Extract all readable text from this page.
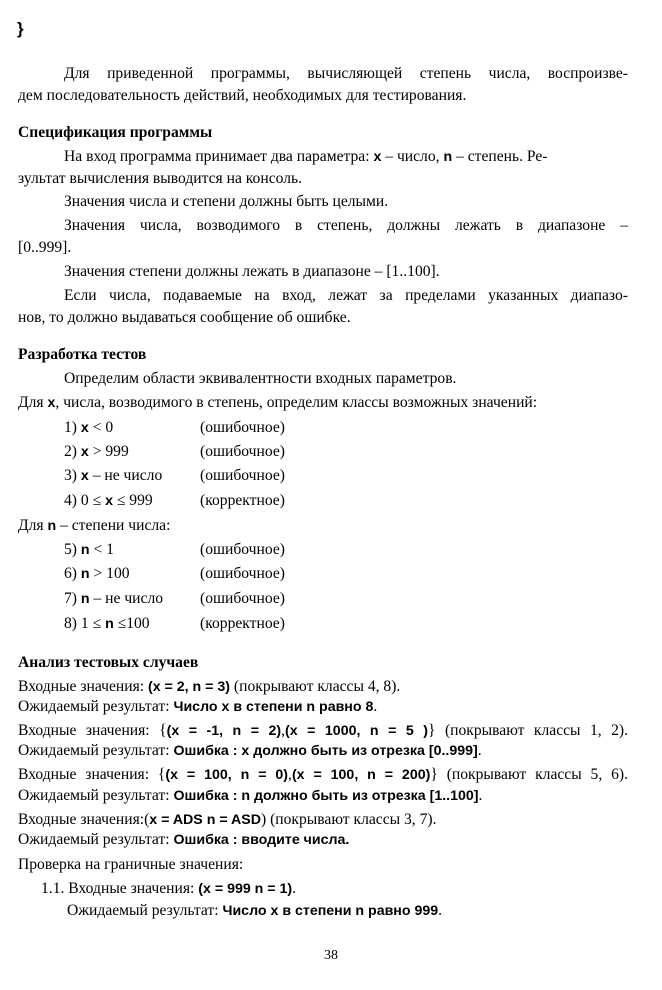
}
Для приведенной программы, вычисляющей степень числа, воспроизве-
дем последовательность действий, необходимых для тестирования.
Спецификация программы
На вход программа принимает два параметра: x – число, n – степень. Ре-
зультат вычисления выводится на консоль.
Значения числа и степени должны быть целыми.
Значения числа, возводимого в степень, должны лежать в диапазоне –
[0..999].
Значения степени должны лежать в диапазоне – [1..100].
Если числа, подаваемые на вход, лежат за пределами указанных диапазо-
нов, то должно выдаваться сообщение об ошибке.
Разработка тестов
Определим области эквивалентности входных параметров.
Для x, числа, возводимого в степень, определим классы возможных значений:
1) x < 0	(ошибочное)
2) x > 999	(ошибочное)
3) x – не число (ошибочное)
4) 0 ≤ x ≤ 999	(корректное)
Для n – степени числа:
5) n < 1	(ошибочное)
6) n > 100	(ошибочное)
7) n – не число (ошибочное)
8) 1 ≤ n ≤100	(корректное)
Анализ тестовых случаев
Входные значения: (x = 2, n = 3) (покрывают классы 4, 8).
Ожидаемый результат: Число x в степени n равно 8.
Входные значения: {(x = -1, n = 2),(x = 1000, n = 5 )} (покрывают классы 1, 2).
Ожидаемый результат: Ошибка : x должно быть из отрезка [0..999].
Входные значения: {(x = 100, n = 0),(x = 100, n = 200)} (покрывают классы 5, 6).
Ожидаемый результат: Ошибка : n должно быть из отрезка [1..100].
Входные значения:(x = ADS n = ASD) (покрывают классы 3, 7).
Ожидаемый результат: Ошибка : вводите числа.
Проверка на граничные значения:
1.1. Входные значения: (x = 999 n = 1).
Ожидаемый результат: Число x в степени n равно 999.
38
